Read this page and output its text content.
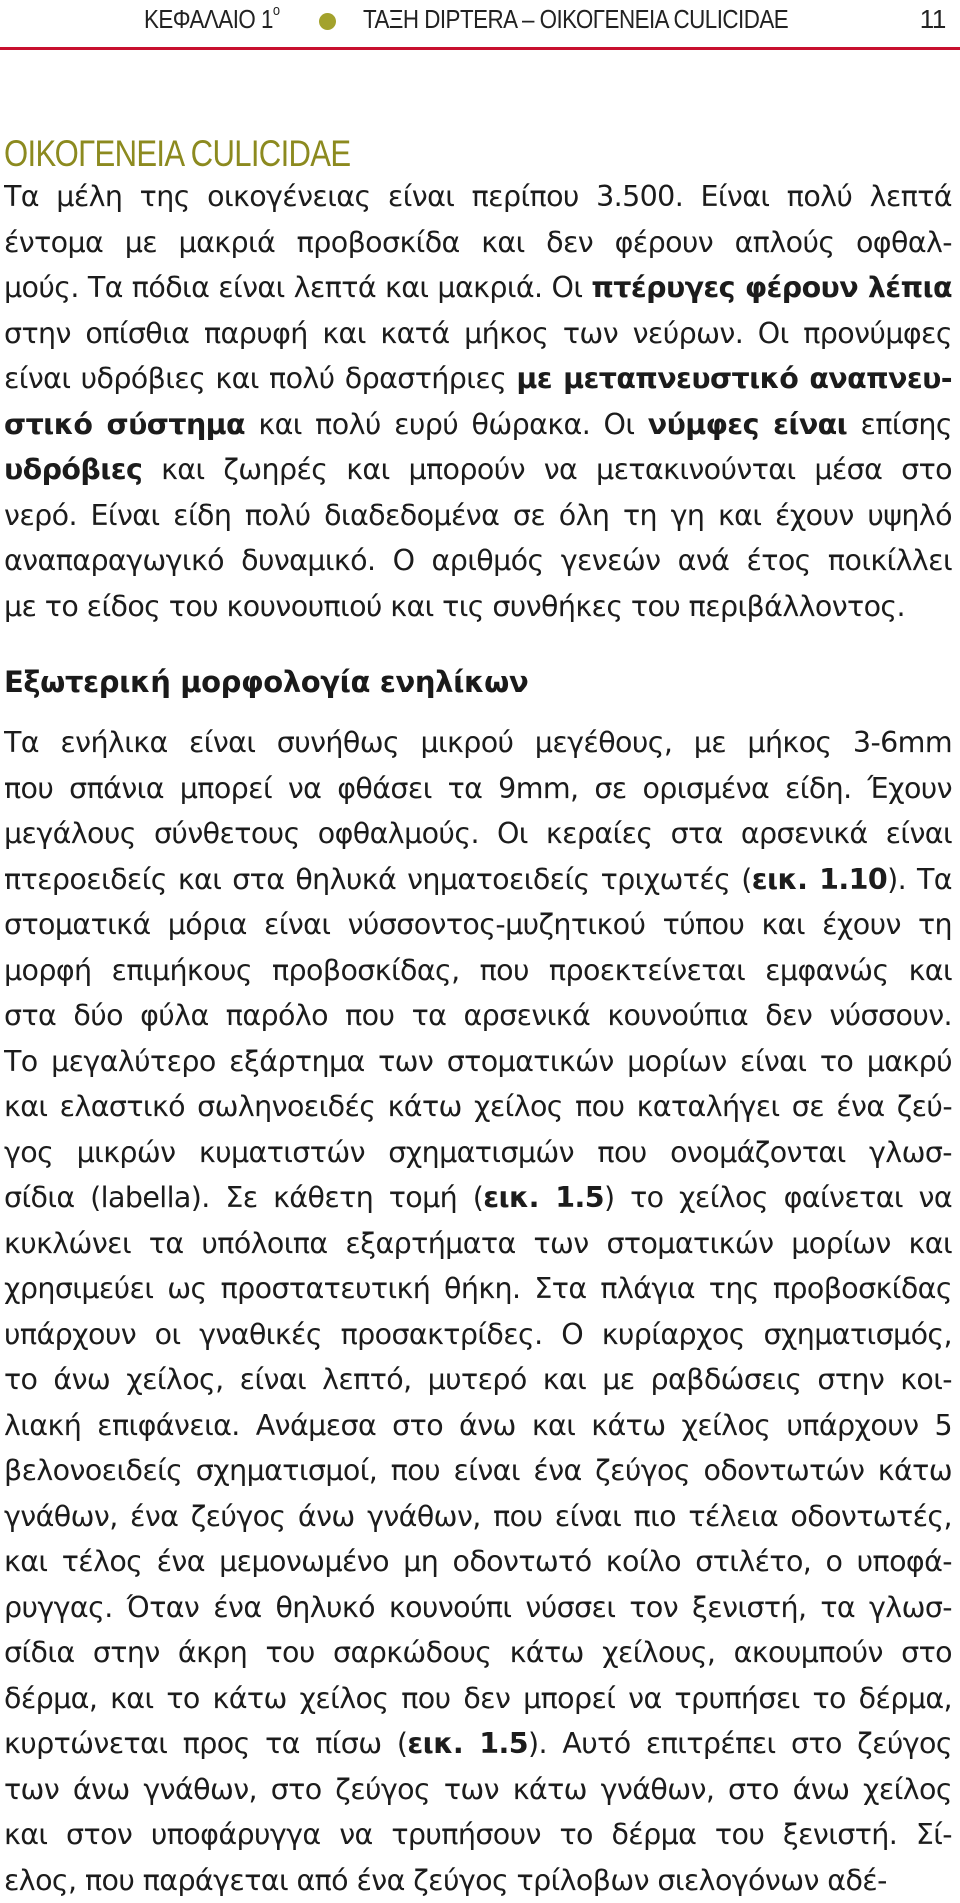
ΚΕΦΑΛΑΙΟ $1^o$	ΤΑΞΗ DIPTERA – ΟΙΚΟΓΕΝΕΙΑ CULICIDAE	11
ΟΙΚΟΓΕΝΕΙΑ CULICIDAE
Τα μέλη της οικογένειας είναι περίπου 3.500. Είναι πολύ λεπτά
έντομα με μακριά προβοσκίδα και δεν φέρουν απλούς οφθαλ-
μούς. Τα πόδια είναι λεπτά και μακριά. Οι πτέρυγες φέρουν λέπια
στην οπίσθια παρυφή και κατά μήκος των νεύρων. Οι προνύμφες
είναι υδρόβιες και πολύ δραστήριες με μεταπνευστικό αναπνευ-
στικό σύστημα και πολύ ευρύ θώρακα. Οι νύμφες είναι επίσης
υδρόβιες και ζωηρές και μπορούν να μετακινούνται μέσα στο
νερό. Είναι είδη πολύ διαδεδομένα σε όλη τη γη και έχουν υψηλό
αναπαραγωγικό δυναμικό. Ο αριθμός γενεών ανά έτος ποικίλλει
με το είδος του κουνουπιού και τις συνθήκες του περιβάλλοντος.
Εξωτερική μορφολογία ενηλίκων
Τα ενήλικα είναι συνήθως μικρού μεγέθους, με μήκος 3-6mm
που σπάνια μπορεί να φθάσει τα 9mm, σε ορισμένα είδη. Έχουν
μεγάλους σύνθετους οφθαλμούς. Οι κεραίες στα αρσενικά είναι
πτεροειδείς και στα θηλυκά νηματοειδείς τριχωτές (εικ. 1.10). Τα
στοματικά μόρια είναι νύσσοντος-μυζητικού τύπου και έχουν τη
μορφή επιμήκους προβοσκίδας, που προεκτείνεται εμφανώς και
στα δύο φύλα παρόλο που τα αρσενικά κουνούπια δεν νύσσουν.
Το μεγαλύτερο εξάρτημα των στοματικών μορίων είναι το μακρύ
και ελαστικό σωληνοειδές κάτω χείλος που καταλήγει σε ένα ζεύ-
γος μικρών κυματιστών σχηματισμών που ονομάζονται γλωσ-
σίδια (labella). Σε κάθετη τομή (εικ. 1.5) το χείλος φαίνεται να
κυκλώνει τα υπόλοιπα εξαρτήματα των στοματικών μορίων και
χρησιμεύει ως προστατευτική θήκη. Στα πλάγια της προβοσκίδας
υπάρχουν οι γναθικές προσακτρίδες. Ο κυρίαρχος σχηματισμός,
το άνω χείλος, είναι λεπτό, μυτερό και με ραβδώσεις στην κοι-
λιακή επιφάνεια. Ανάμεσα στο άνω και κάτω χείλος υπάρχουν 5
βελονοειδείς σχηματισμοί, που είναι ένα ζεύγος οδοντωτών κάτω
γνάθων, ένα ζεύγος άνω γνάθων, που είναι πιο τέλεια οδοντωτές,
και τέλος ένα μεμονωμένο μη οδοντωτό κοίλο στιλέτο, ο υποφά-
ρυγγας. Όταν ένα θηλυκό κουνούπι νύσσει τον ξενιστή, τα γλωσ-
σίδια στην άκρη του σαρκώδους κάτω χείλους, ακουμπούν στο
δέρμα, και το κάτω χείλος που δεν μπορεί να τρυπήσει το δέρμα,
κυρτώνεται προς τα πίσω (εικ. 1.5). Αυτό επιτρέπει στο ζεύγος
των άνω γνάθων, στο ζεύγος των κάτω γνάθων, στο άνω χείλος
και στον υποφάρυγγα να τρυπήσουν το δέρμα του ξενιστή. Σί-
ελος, που παράγεται από ένα ζεύγος τρίλοβων σιελογόνων αδέ-
